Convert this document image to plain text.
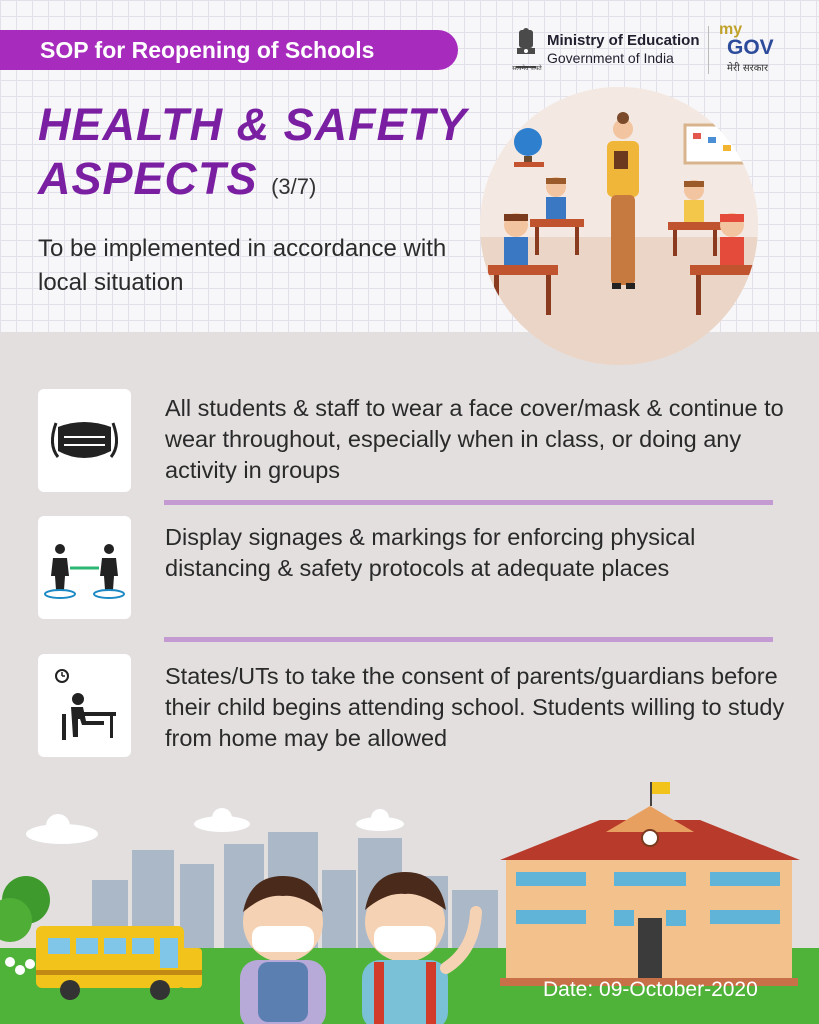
SOP for Reopening of Schools
सत्यमेव जयते
Ministry of Education
Government of India
my
GOV
मेरी सरकार
HEALTH & SAFETY
ASPECTS (3/7)
To be implemented in accordance with local situation
All students & staff to wear a face cover/mask & continue to wear throughout, especially when in class, or doing any activity in groups
Display signages & markings for enforcing physical distancing & safety protocols at adequate places
States/UTs to take the consent of parents/guardians before their child begins attending school. Students willing to study from home may be allowed
Date: 09-October-2020
